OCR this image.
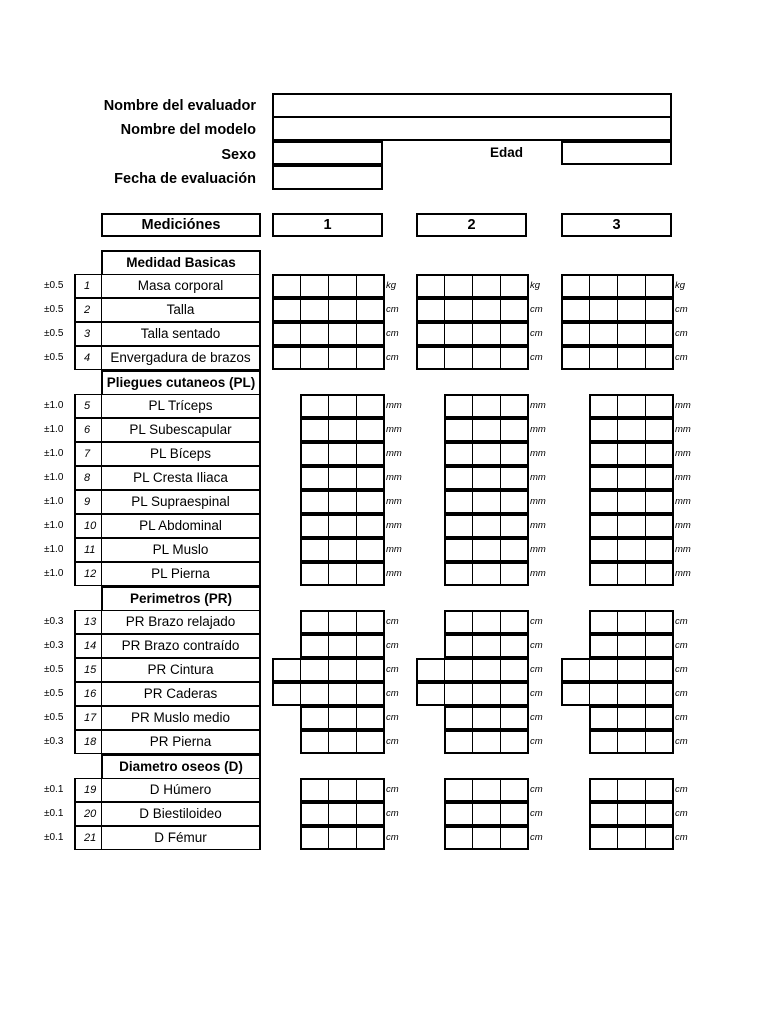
Nombre del evaluador
Nombre del modelo
Sexo
Fecha de evaluación
Edad
Mediciónes	1	2	3
Medidad Basicas
±0.5	1	Masa corporal	kg	kg	kg
±0.5	2	Talla	cm	cm	cm
±0.5	3	Talla sentado	cm	cm	cm
±0.5	4	Envergadura de brazos	cm	cm	cm
Pliegues cutaneos (PL)
±1.0	5	PL Tríceps	mm	mm	mm
±1.0	6	PL Subescapular	mm	mm	mm
±1.0	7	PL Bíceps	mm	mm	mm
±1.0	8	PL Cresta Iliaca	mm	mm	mm
±1.0	9	PL Supraespinal	mm	mm	mm
±1.0	10	PL Abdominal	mm	mm	mm
±1.0	11	PL Muslo	mm	mm	mm
±1.0	12	PL Pierna	mm	mm	mm
Perimetros (PR)
±0.3	13	PR Brazo relajado	cm	cm	cm
±0.3	14	PR Brazo contraído	cm	cm	cm
±0.5	15	PR Cintura	cm	cm	cm
±0.5	16	PR Caderas	cm	cm	cm
±0.5	17	PR Muslo medio	cm	cm	cm
±0.3	18	PR Pierna	cm	cm	cm
Diametro oseos (D)
±0.1	19	D Húmero	cm	cm	cm
±0.1	20	D Biestiloideo	cm	cm	cm
±0.1	21	D Fémur	cm	cm	cm
